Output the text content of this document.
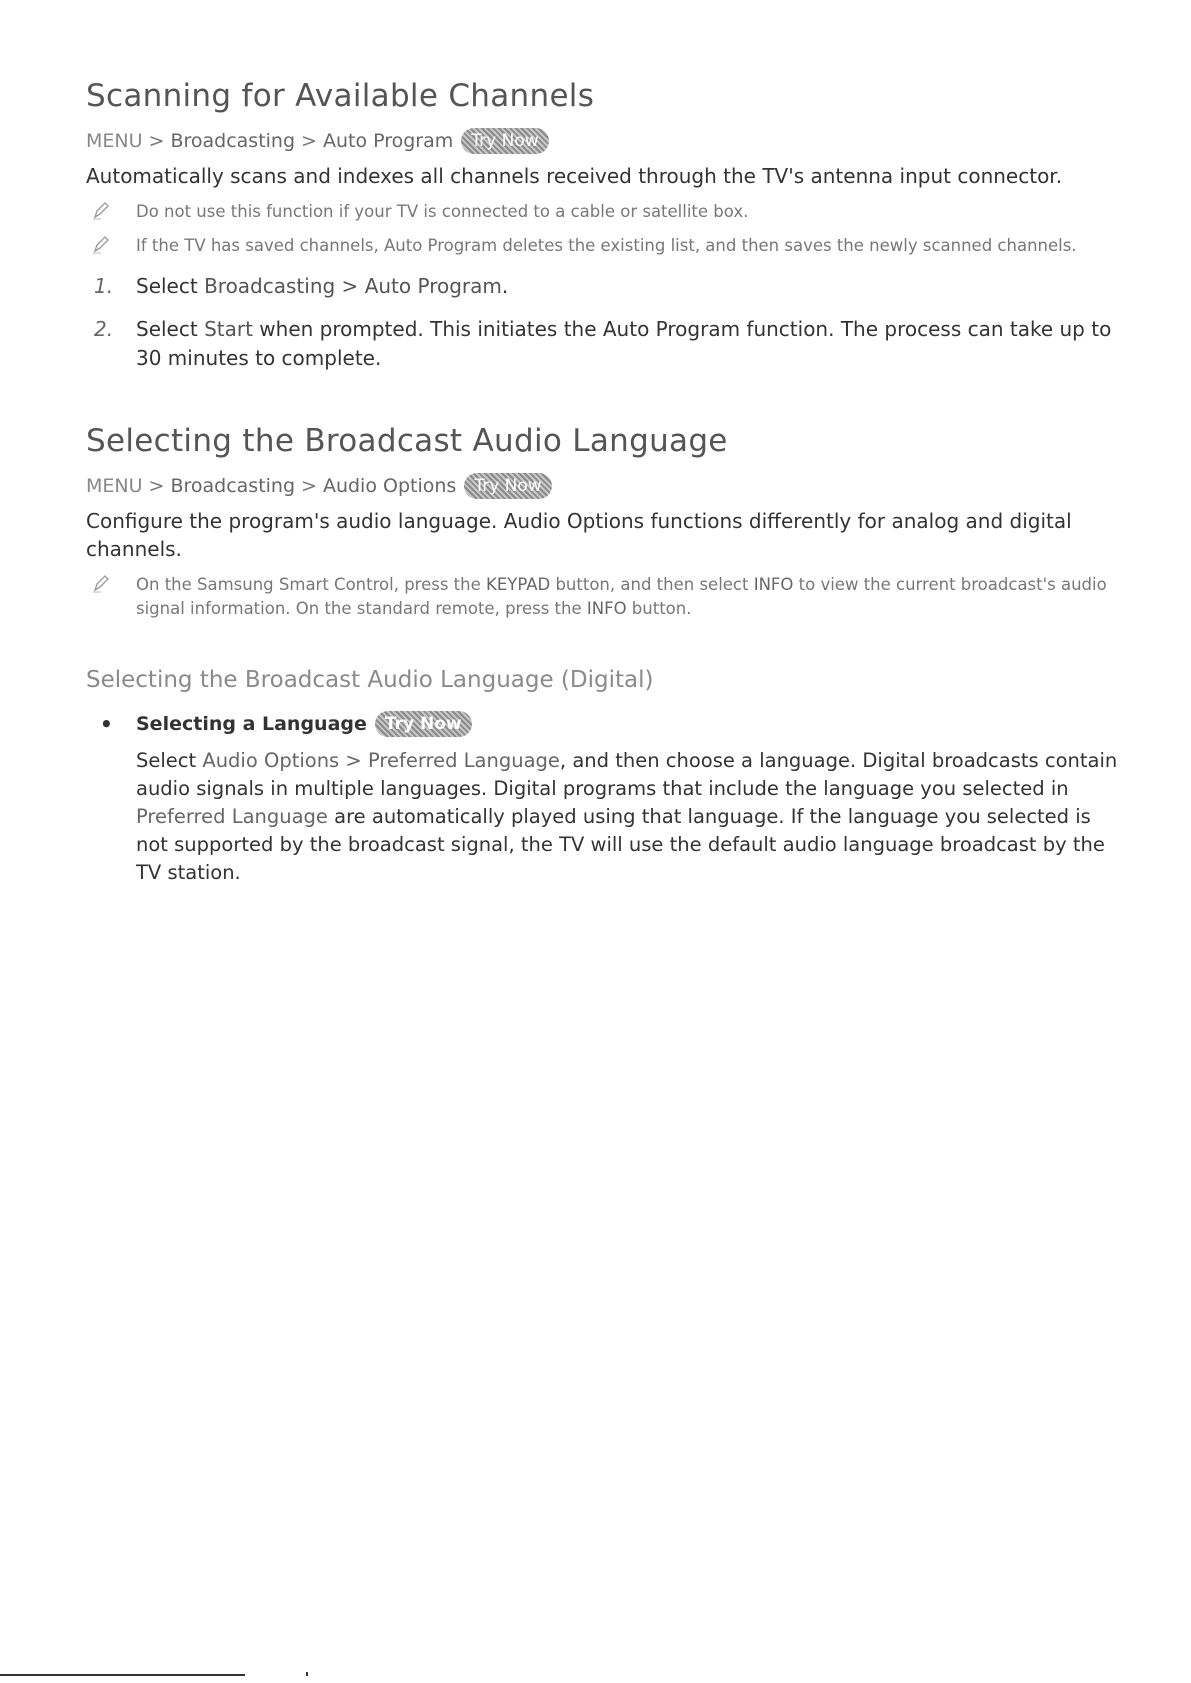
Scanning for Available Channels
MENU > Broadcasting > Auto Program	Try Now

Automatically scans and indexes all channels received through the TV's antenna input connector.

Do not use this function if your TV is connected to a cable or satellite box.
If the TV has saved channels, Auto Program deletes the existing list, and then saves the newly scanned channels.
1.	Select Broadcasting > Auto Program.
2.	Select Start when prompted. This initiates the Auto Program function. The process can take up to 30 minutes to complete.
Selecting the Broadcast Audio Language
MENU > Broadcasting > Audio Options	Try Now

Configure the program's audio language. Audio Options functions differently for analog and digital channels.

On the Samsung Smart Control, press the KEYPAD button, and then select INFO to view the current broadcast's audio signal information. On the standard remote, press the INFO button.
Selecting the Broadcast Audio Language (Digital)
•	Selecting a Language	Try Now
Select Audio Options > Preferred Language, and then choose a language. Digital broadcasts contain audio signals in multiple languages. Digital programs that include the language you selected in Preferred Language are automatically played using that language. If the language you selected is not supported by the broadcast signal, the TV will use the default audio language broadcast by the TV station.
